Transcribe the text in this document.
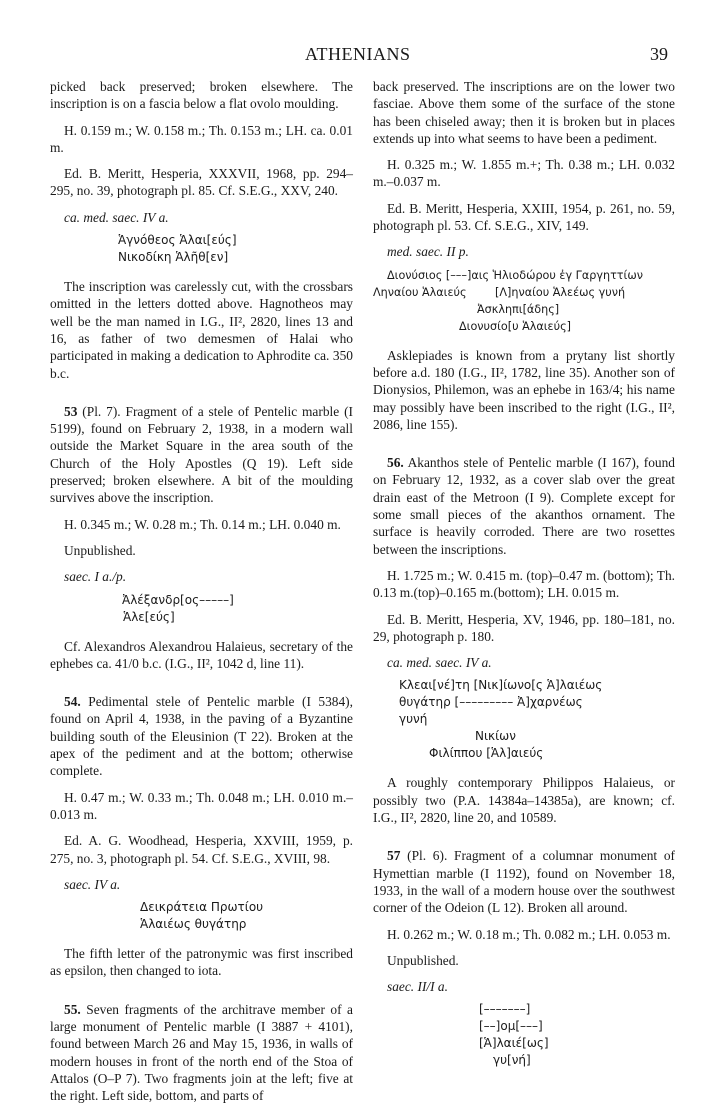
ATHENIANS	39

picked back preserved; broken elsewhere. The inscription is on a fascia below a flat ovolo moulding.

H. 0.159 m.; W. 0.158 m.; Th. 0.153 m.; LH. ca. 0.01 m.

Ed. B. Meritt, Hesperia, XXXVII, 1968, pp. 294–295, no. 39, photograph pl. 85. Cf. S.E.G., XXV, 240.

ca. med. saec. IV a.

Ἁγνόθεος Ἁλαι[εύς]
Νικοδίκη Ἁλῆθ[εν]

The inscription was carelessly cut, with the crossbars omitted in the letters dotted above. Hagnotheos may well be the man named in I.G., II², 2820, lines 13 and 16, as father of two demesmen of Halai who participated in making a dedication to Aphrodite ca. 350 b.c.

53 (Pl. 7). Fragment of a stele of Pentelic marble (I 5199), found on February 2, 1938, in a modern wall outside the Market Square in the area south of the Church of the Holy Apostles (Q 19). Left side preserved; broken elsewhere. A bit of the moulding survives above the inscription.

H. 0.345 m.; W. 0.28 m.; Th. 0.14 m.; LH. 0.040 m.

Unpublished.

saec. I a./p.

Ἀλέξανδρ[ος–––––]
Ἁλε[εύς]

Cf. Alexandros Alexandrou Halaieus, secretary of the ephebes ca. 41/0 b.c. (I.G., II², 1042 d, line 11).

54. Pedimental stele of Pentelic marble (I 5384), found on April 4, 1938, in the paving of a Byzantine building south of the Eleusinion (T 22). Broken at the apex of the pediment and at the bottom; otherwise complete.

H. 0.47 m.; W. 0.33 m.; Th. 0.048 m.; LH. 0.010 m.–0.013 m.

Ed. A. G. Woodhead, Hesperia, XXVIII, 1959, p. 275, no. 3, photograph pl. 54. Cf. S.E.G., XVIII, 98.

saec. IV a.

Δεικράτεια Πρωτίου
Ἁλαιέως θυγάτηρ

The fifth letter of the patronymic was first inscribed as epsilon, then changed to iota.

55. Seven fragments of the architrave member of a large monument of Pentelic marble (I 3887 + 4101), found between March 26 and May 15, 1936, in walls of modern houses in front of the north end of the Stoa of Attalos (O–P 7). Two fragments join at the left; five at the right. Left side, bottom, and parts of

back preserved. The inscriptions are on the lower two fasciae. Above them some of the surface of the stone has been chiseled away; then it is broken but in places extends up into what seems to have been a pediment.

H. 0.325 m.; W. 1.855 m.+; Th. 0.38 m.; LH. 0.032 m.–0.037 m.

Ed. B. Meritt, Hesperia, XXIII, 1954, p. 261, no. 59, photograph pl. 53. Cf. S.E.G., XIV, 149.

med. saec. II p.

Διονύσιος [–––]αις Ἡλιοδώρου ἐγ Γαργηττίων
Ληναίου Ἁλαιεύς        [Λ]ηναίου Ἁλεέως γυνή
Ἀσκληπι[άδης]
Διονυσίο[υ Ἁλαιεύς]

Asklepiades is known from a prytany list shortly before a.d. 180 (I.G., II², 1782, line 35). Another son of Dionysios, Philemon, was an ephebe in 163/4; his name may possibly have been inscribed to the right (I.G., II², 2086, line 155).

56. Akanthos stele of Pentelic marble (I 167), found on February 12, 1932, as a cover slab over the great drain east of the Metroon (I 9). Complete except for some small pieces of the akanthos ornament. The surface is heavily corroded. There are two rosettes between the inscriptions.

H. 1.725 m.; W. 0.415 m. (top)–0.47 m. (bottom); Th. 0.13 m.(top)–0.165 m.(bottom); LH. 0.015 m.

Ed. B. Meritt, Hesperia, XV, 1946, pp. 180–181, no. 29, photograph p. 180.

ca. med. saec. IV a.

Κλεαι[νέ]τη [Νικ]ίωνο[ς Ἁ]λαιέως
θυγάτηρ [––––––––– Ἀ]χαρνέως
γυνή
Νικίων
Φιλίππου [Ἁλ]αιεύς

A roughly contemporary Philippos Halaieus, or possibly two (P.A. 14384a–14385a), are known; cf. I.G., II², 2820, line 20, and 10589.

57 (Pl. 6). Fragment of a columnar monument of Hymettian marble (I 1192), found on November 18, 1933, in the wall of a modern house over the southwest corner of the Odeion (L 12). Broken all around.

H. 0.262 m.; W. 0.18 m.; Th. 0.082 m.; LH. 0.053 m.

Unpublished.

saec. II/I a.

[–––––––]
[––]ομ[–––]
[Ἁ]λαιέ[ως]
γυ[νή]
